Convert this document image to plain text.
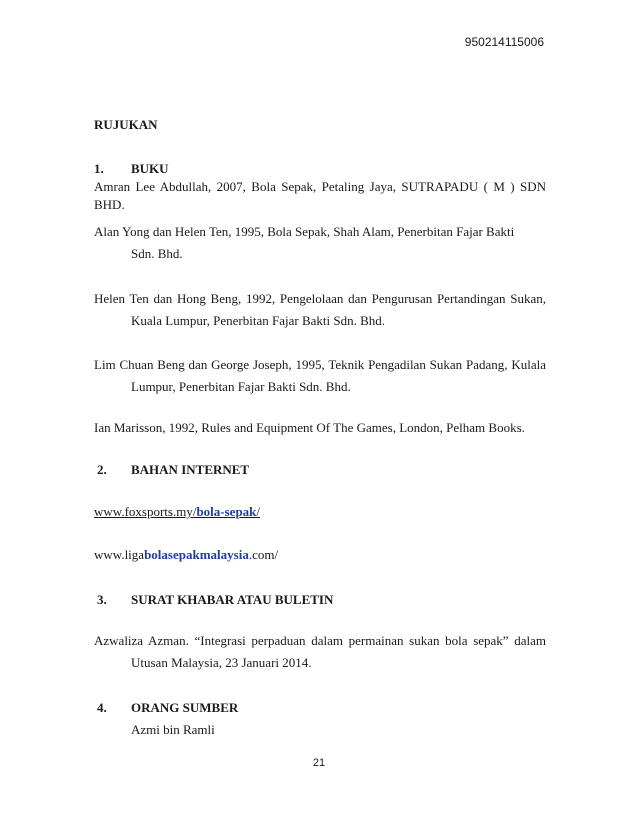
950214115006
RUJUKAN
1. BUKU
Amran Lee Abdullah, 2007, Bola Sepak, Petaling Jaya, SUTRAPADU ( M ) SDN BHD.
Alan Yong dan Helen Ten, 1995, Bola Sepak, Shah Alam, Penerbitan Fajar Bakti
Sdn. Bhd.
Helen Ten dan Hong Beng, 1992, Pengelolaan dan Pengurusan Pertandingan Sukan,
Kuala Lumpur, Penerbitan Fajar Bakti Sdn. Bhd.
Lim Chuan Beng dan George Joseph, 1995, Teknik Pengadilan Sukan Padang, Kulala
Lumpur, Penerbitan Fajar Bakti Sdn. Bhd.
Ian Marisson, 1992, Rules and Equipment Of The Games, London, Pelham Books.
2. BAHAN INTERNET
www.foxsports.my/bola-sepak/
www.ligabolasepakmalaysia.com/
3. SURAT KHABAR ATAU BULETIN
Azwaliza Azman. “Integrasi perpaduan dalam permainan sukan bola sepak” dalam
Utusan Malaysia, 23 Januari 2014.
4. ORANG SUMBER
Azmi bin Ramli
21
